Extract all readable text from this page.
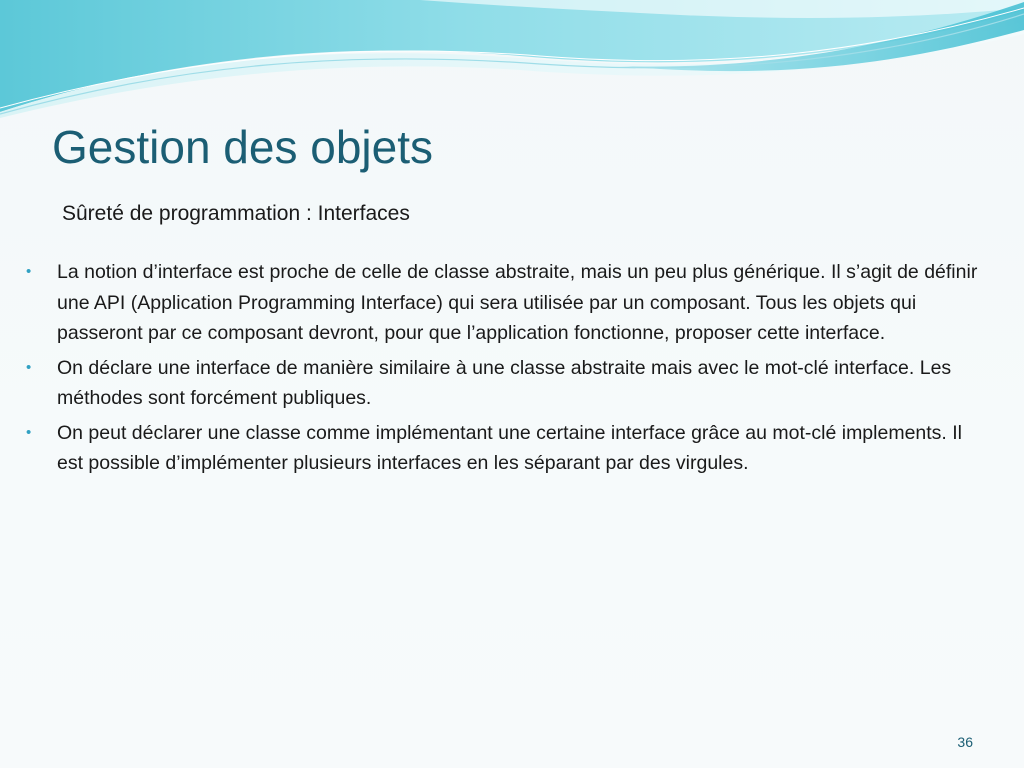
Gestion des objets

Sûreté de programmation : Interfaces

• La notion d’interface est proche de celle de classe abstraite, mais un peu plus générique. Il s’agit de définir une API (Application Programming Interface) qui sera utilisée par un composant. Tous les objets qui passeront par ce composant devront, pour que l’application fonctionne, proposer cette interface.
• On déclare une interface de manière similaire à une classe abstraite mais avec le mot-clé interface. Les méthodes sont forcément publiques.
• On peut déclarer une classe comme implémentant une certaine interface grâce au mot-clé implements. Il est possible d’implémenter plusieurs interfaces en les séparant par des virgules.
36
